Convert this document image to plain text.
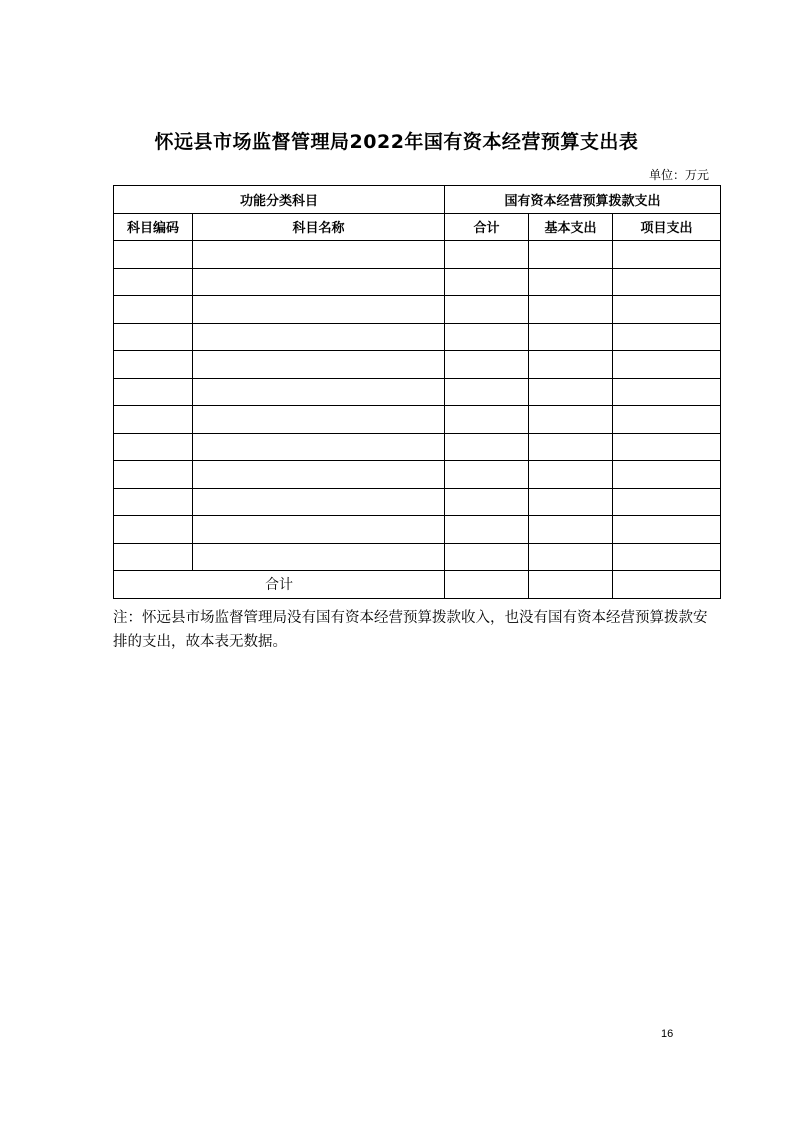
怀远县市场监督管理局2022年国有资本经营预算支出表
单位：万元
功能分类科目		国有资本经营预算拨款支出		
科目编码	科目名称	合计	基本支出	项目支出

合计				
注：怀远县市场监督管理局没有国有资本经营预算拨款收入，也没有国有资本经营预算拨款安排的支出，故本表无数据。
16
